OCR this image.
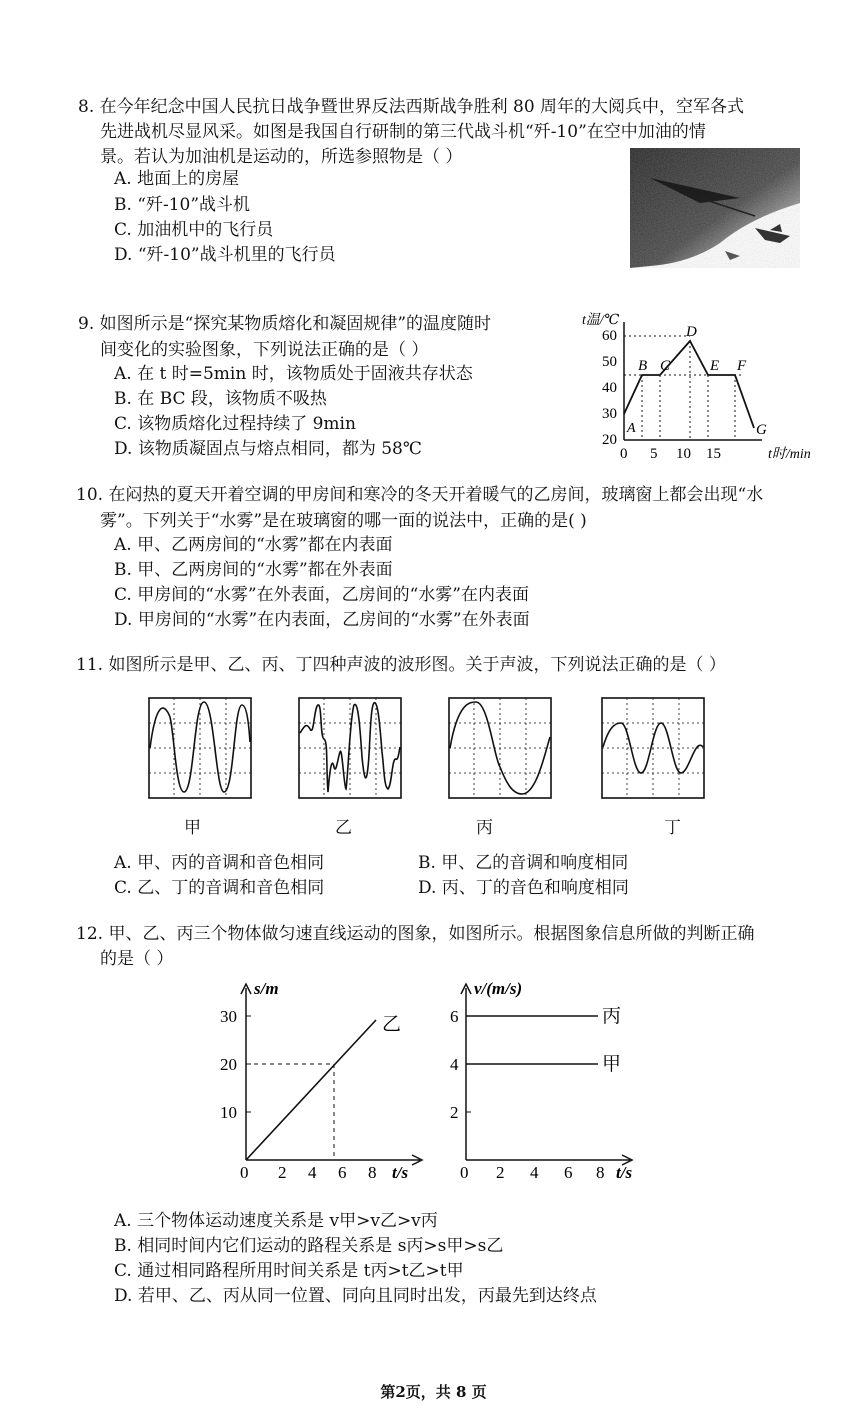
8. 在今年纪念中国人民抗日战争暨世界反法西斯战争胜利 80 周年的大阅兵中，空军各式
先进战机尽显风采。如图是我国自行研制的第三代战斗机“歼-10”在空中加油的情
景。若认为加油机是运动的，所选参照物是（ ）
A. 地面上的房屋
B. “歼-10”战斗机
C. 加油机中的飞行员
D. “歼-10”战斗机里的飞行员
9. 如图所示是“探究某物质熔化和凝固规律”的温度随时
间变化的实验图象，下列说法正确的是（ ）
A. 在 t 时=5min 时，该物质处于固液共存状态
B. 在 BC 段，该物质不吸热
C. 该物质熔化过程持续了 9min
D. 该物质凝固点与熔点相同，都为 58℃
t温/℃
60
50
40
30
20
0 5 10 15	t时/min
A
B C
D
E F
G
10. 在闷热的夏天开着空调的甲房间和寒冷的冬天开着暖气的乙房间，玻璃窗上都会出现“水
雾”。下列关于“水雾”是在玻璃窗的哪一面的说法中，正确的是( )
A. 甲、乙两房间的“水雾”都在内表面
B. 甲、乙两房间的“水雾”都在外表面
C. 甲房间的“水雾”在外表面，乙房间的“水雾”在内表面
D. 甲房间的“水雾”在内表面，乙房间的“水雾”在外表面
11. 如图所示是甲、乙、丙、丁四种声波的波形图。关于声波，下列说法正确的是（ ）
甲	乙	丙	丁
A. 甲、丙的音调和音色相同
C. 乙、丁的音调和音色相同
B. 甲、乙的音调和响度相同
D. 丙、丁的音色和响度相同
12. 甲、乙、丙三个物体做匀速直线运动的图象，如图所示。根据图象信息所做的判断正确
的是（ ）
s/m
30
20
10
0 2 4 6 8 t/s
乙
v/(m/s)
6
4
2
0 2 4 6 8 t/s
丙
甲
A. 三个物体运动速度关系是 v甲>v乙>v丙
B. 相同时间内它们运动的路程关系是 s丙>s甲>s乙
C. 通过相同路程所用时间关系是 t丙>t乙>t甲
D. 若甲、乙、丙从同一位置、同向且同时出发，丙最先到达终点
第2页，共 8 页
